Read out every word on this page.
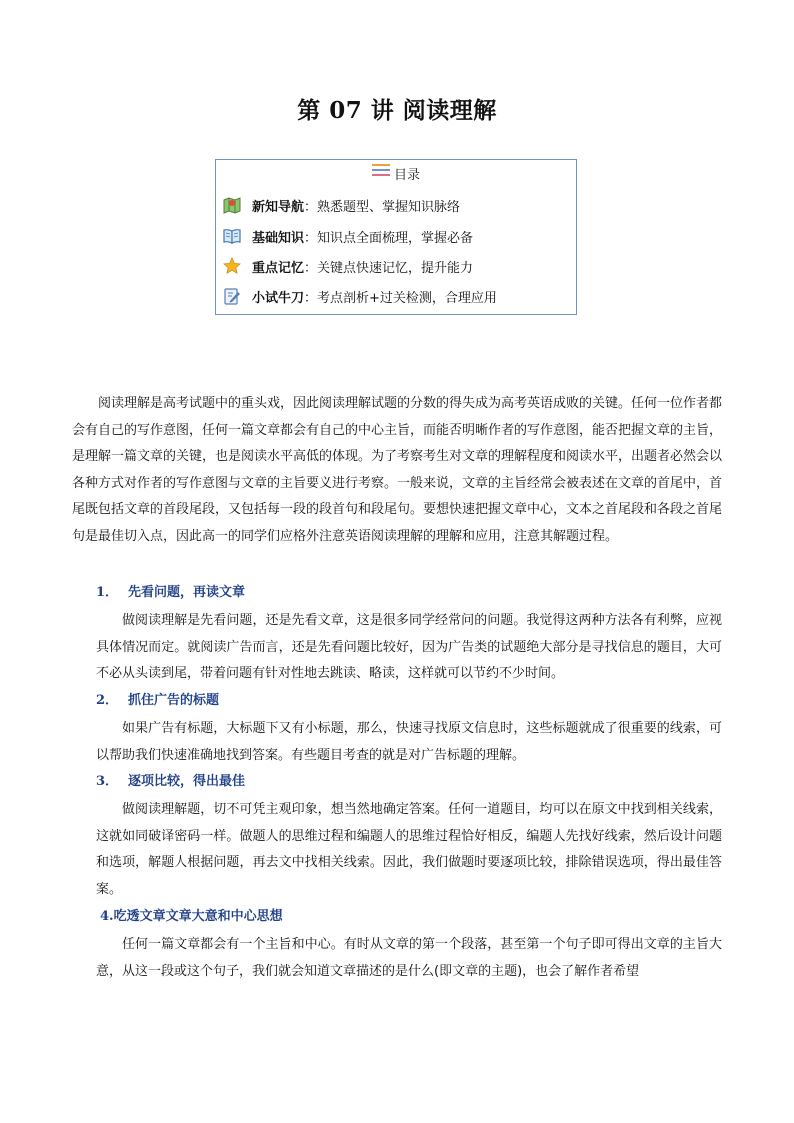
第 07 讲 阅读理解
目录
新知导航 ： 熟悉题型、掌握知识脉络
基础知识 ： 知识点全面梳理，掌握必备
重点记忆 ： 关键点快速记忆，提升能力
小试牛刀 ： 考点剖析+过关检测，合理应用

阅读理解是高考试题中的重头戏，因此阅读理解试题的分数的得失成为高考英语成败的关键。任何一位作者都会有自己的写作意图，任何一篇文章都会有自己的中心主旨，而能否明晰作者的写作意图，能否把握文章的主旨，是理解一篇文章的关键，也是阅读水平高低的体现。为了考察考生对文章的理解程度和阅读水平，出题者必然会以各种方式对作者的写作意图与文章的主旨要义进行考察。一般来说，文章的主旨经常会被表述在文章的首尾中，首尾既包括文章的首段尾段，又包括每一段的段首句和段尾句。要想快速把握文章中心，文本之首尾段和各段之首尾句是最佳切入点，因此高一的同学们应格外注意英语阅读理解的理解和应用，注意其解题过程。

1． 先看问题，再读文章

做阅读理解是先看问题，还是先看文章，这是很多同学经常问的问题。我觉得这两种方法各有利弊，应视具体情况而定。就阅读广告而言，还是先看问题比较好，因为广告类的试题绝大部分是寻找信息的题目，大可不必从头读到尾，带着问题有针对性地去跳读、略读，这样就可以节约不少时间。

2． 抓住广告的标题

如果广告有标题，大标题下又有小标题，那么，快速寻找原文信息时，这些标题就成了很重要的线索，可以帮助我们快速准确地找到答案。有些题目考查的就是对广告标题的理解。

3． 逐项比较，得出最佳

做阅读理解题，切不可凭主观印象，想当然地确定答案。任何一道题目，均可以在原文中找到相关线索，这就如同破译密码一样。做题人的思维过程和编题人的思维过程恰好相反，编题人先找好线索，然后设计问题和选项，解题人根据问题，再去文中找相关线索。因此，我们做题时要逐项比较，排除错误选项，得出最佳答案。

4.吃透文章文章大意和中心思想

任何一篇文章都会有一个主旨和中心。有时从文章的第一个段落，甚至第一个句子即可得出文章的主旨大意，从这一段或这个句子，我们就会知道文章描述的是什么(即文章的主题)，也会了解作者希望
